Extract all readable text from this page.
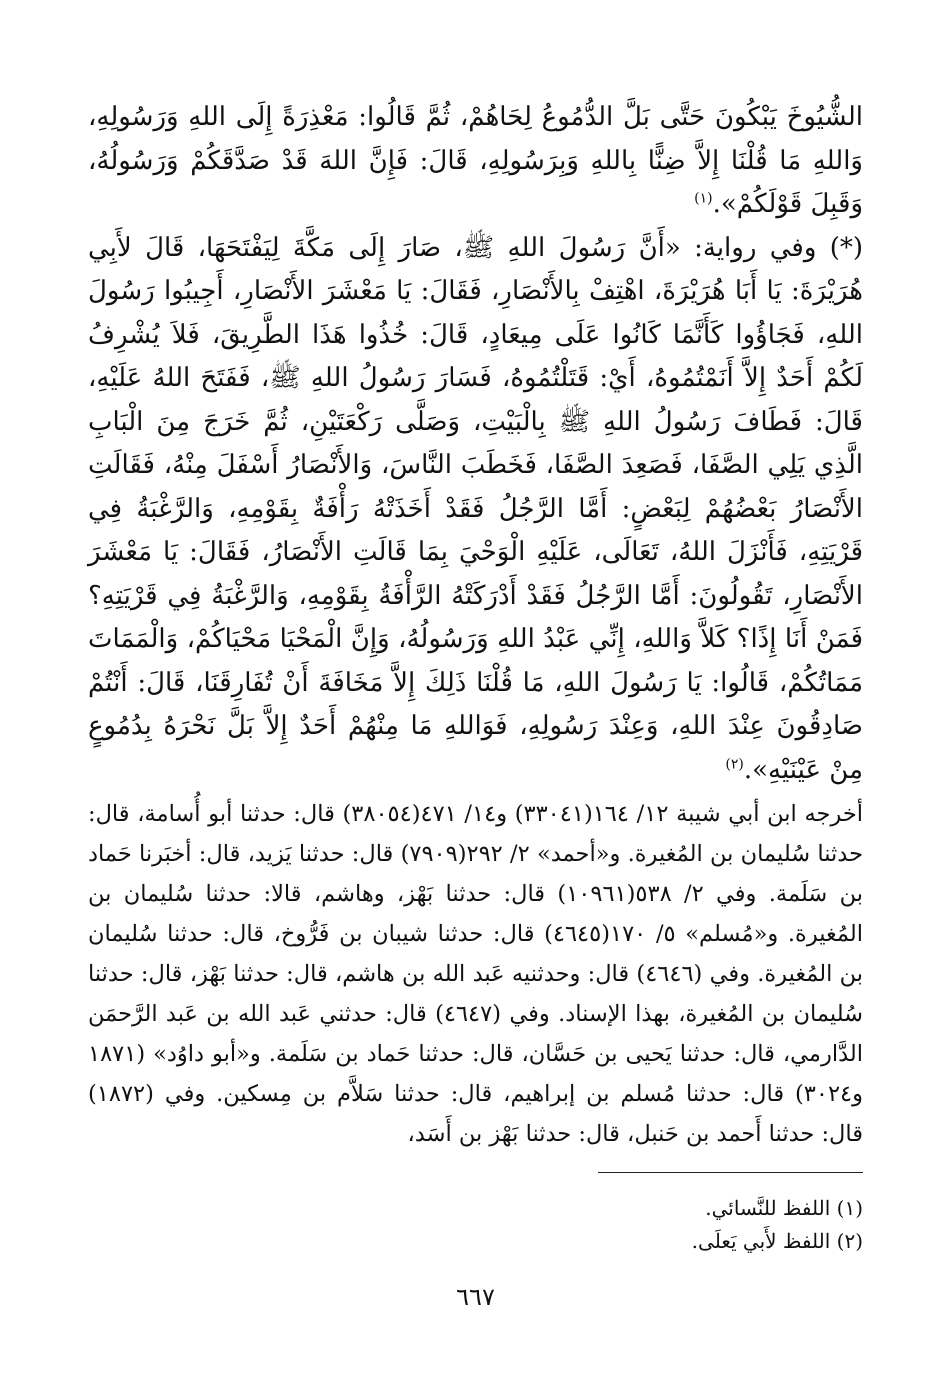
الشُّيُوخَ يَبْكُونَ حَتَّى بَلَّ الدُّمُوعُ لِحَاهُمْ، ثُمَّ قَالُوا: مَعْذِرَةً إِلَى اللهِ وَرَسُولِهِ، وَاللهِ مَا قُلْنَا إِلاَّ ضِنًّا بِاللهِ وَبِرَسُولِهِ، قَالَ: فَإِنَّ اللهَ قَدْ صَدَّقَكُمْ وَرَسُولُهُ، وَقَبِلَ قَوْلَكُمْ».$^{(١)}$

(*) وفي رواية: «أَنَّ رَسُولَ اللهِ ﷺ، صَارَ إِلَى مَكَّةَ لِيَفْتَحَهَا، قَالَ لأَبِي هُرَيْرَةَ: يَا أَبَا هُرَيْرَةَ، اهْتِفْ بِالأَنْصَارِ، فَقَالَ: يَا مَعْشَرَ الأَنْصَارِ، أَجِيبُوا رَسُولَ اللهِ، فَجَاؤُوا كَأَنَّمَا كَانُوا عَلَى مِيعَادٍ، قَالَ: خُذُوا هَذَا الطَّرِيقَ، فَلاَ يُشْرِفُ لَكُمْ أَحَدٌ إِلاَّ أَنَمْتُمُوهُ، أَيْ: قَتَلْتُمُوهُ، فَسَارَ رَسُولُ اللهِ ﷺ، فَفَتَحَ اللهُ عَلَيْهِ، قَالَ: فَطَافَ رَسُولُ اللهِ ﷺ بِالْبَيْتِ، وَصَلَّى رَكْعَتَيْنِ، ثُمَّ خَرَجَ مِنَ الْبَابِ الَّذِي يَلِي الصَّفَا، فَصَعِدَ الصَّفَا، فَخَطَبَ النَّاسَ، وَالأَنْصَارُ أَسْفَلَ مِنْهُ، فَقَالَتِ الأَنْصَارُ بَعْضُهُمْ لِبَعْضٍ: أَمَّا الرَّجُلُ فَقَدْ أَخَذَتْهُ رَأْفَةٌ بِقَوْمِهِ، وَالرَّغْبَةُ فِي قَرْيَتِهِ، فَأَنْزَلَ اللهُ، تَعَالَى، عَلَيْهِ الْوَحْيَ بِمَا قَالَتِ الأَنْصَارُ، فَقَالَ: يَا مَعْشَرَ الأَنْصَارِ، تَقُولُونَ: أَمَّا الرَّجُلُ فَقَدْ أَدْرَكَتْهُ الرَّأْفَةُ بِقَوْمِهِ، وَالرَّغْبَةُ فِي قَرْيَتِهِ؟ فَمَنْ أَنَا إِذًا؟ كَلاَّ وَاللهِ، إِنِّي عَبْدُ اللهِ وَرَسُولُهُ، وَإِنَّ الْمَحْيَا مَحْيَاكُمْ، وَالْمَمَاتَ مَمَاتُكُمْ، قَالُوا: يَا رَسُولَ اللهِ، مَا قُلْنَا ذَلِكَ إِلاَّ مَخَافَةَ أَنْ تُفَارِقَنَا، قَالَ: أَنْتُمْ صَادِقُونَ عِنْدَ اللهِ، وَعِنْدَ رَسُولِهِ، فَوَاللهِ مَا مِنْهُمْ أَحَدٌ إِلاَّ بَلَّ نَحْرَهُ بِدُمُوعٍ مِنْ عَيْنَيْهِ».$^{(٢)}$

أخرجه ابن أبي شيبة ١٢/ ١٦٤(٣٣٠٤١) و١٤/ ٤٧١(٣٨٠٥٤) قال: حدثنا أبو أُسامة، قال: حدثنا سُليمان بن المُغيرة. و«أحمد» ٢/ ٢٩٢(٧٩٠٩) قال: حدثنا يَزيد، قال: أخبَرنا حَماد بن سَلَمة. وفي ٢/ ٥٣٨(١٠٩٦١) قال: حدثنا بَهْز، وهاشم، قالا: حدثنا سُليمان بن المُغيرة. و«مُسلم» ٥/ ١٧٠(٤٦٤٥) قال: حدثنا شيبان بن فَرُّوخ، قال: حدثنا سُليمان بن المُغيرة. وفي (٤٦٤٦) قال: وحدثنيه عَبد الله بن هاشم، قال: حدثنا بَهْز، قال: حدثنا سُليمان بن المُغيرة، بهذا الإسناد. وفي (٤٦٤٧) قال: حدثني عَبد الله بن عَبد الرَّحمَن الدَّارمي، قال: حدثنا يَحيى بن حَسَّان، قال: حدثنا حَماد بن سَلَمة. و«أبو داوُد» (١٨٧١ و٣٠٢٤) قال: حدثنا مُسلم بن إبراهيم، قال: حدثنا سَلاَّم بن مِسكين. وفي (١٨٧٢) قال: حدثنا أَحمد بن حَنبل، قال: حدثنا بَهْز بن أَسَد،

(١) اللفظ للنَّسائي.

(٢) اللفظ لأَبي يَعلَى.

٦٦٧
